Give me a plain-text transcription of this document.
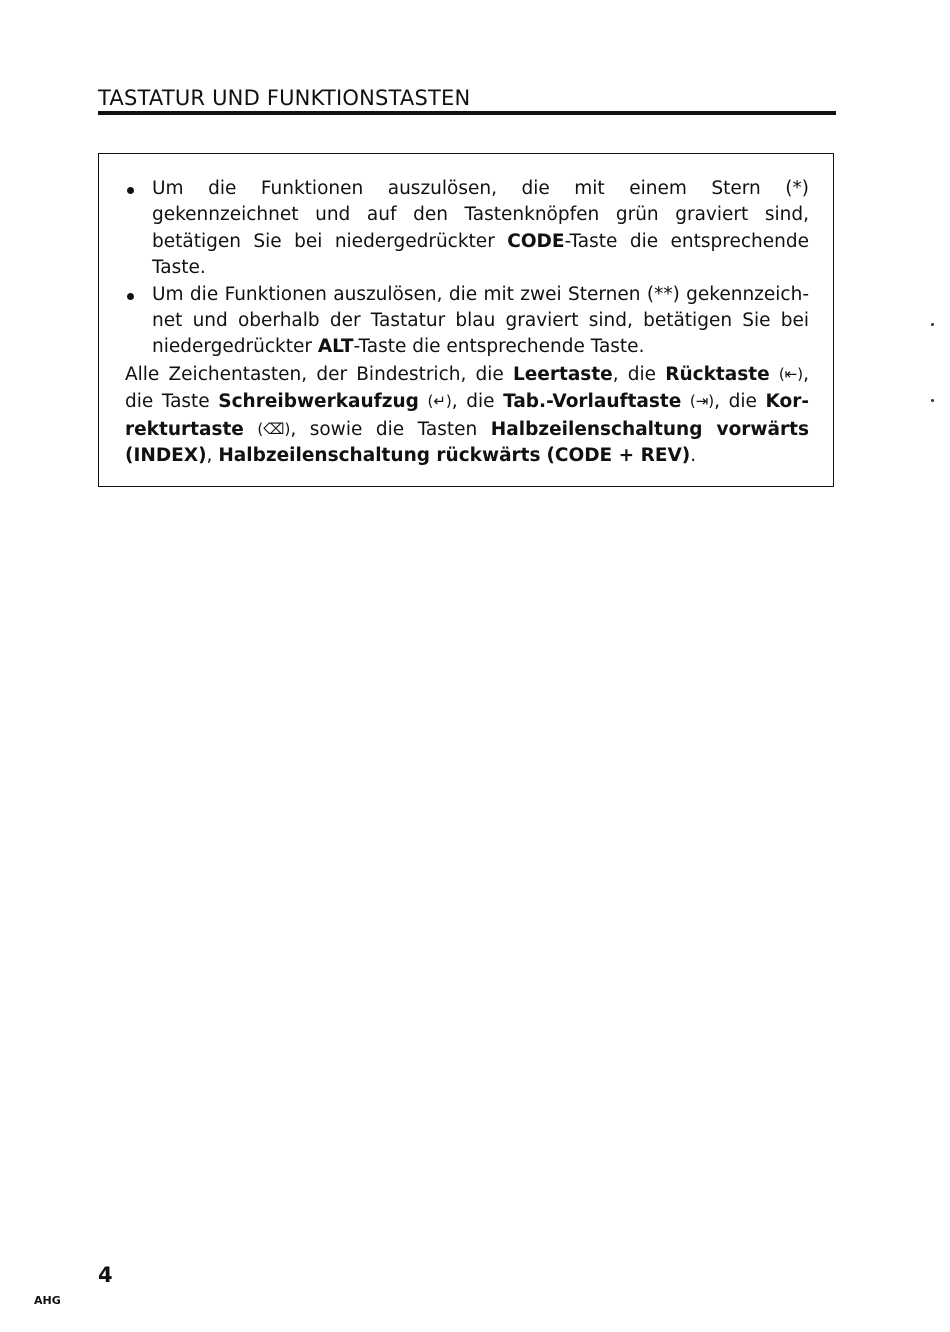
TASTATUR UND FUNKTIONSTASTEN
Um die Funktionen auszulösen, die mit einem Stern (*) gekennzeichnet und auf den Tastenknöpfen grün graviert sind, betätigen Sie bei niedergedrückter CODE-Taste die entsprechende Taste.
Um die Funktionen auszulösen, die mit zwei Sternen (**) gekennzeichnet und oberhalb der Tastatur blau graviert sind, betätigen Sie bei niedergedrückter ALT-Taste die entsprechende Taste.

Alle Zeichentasten, der Bindestrich, die Leertaste, die Rücktaste (⇤), die Taste Schreibwerkaufzug (↵), die Tab.-Vorlauftaste (⇥), die Korrekturtaste (⌫), sowie die Tasten Halbzeilenschaltung vorwärts (INDEX), Halbzeilenschaltung rückwärts (CODE + REV).

4
AHG
